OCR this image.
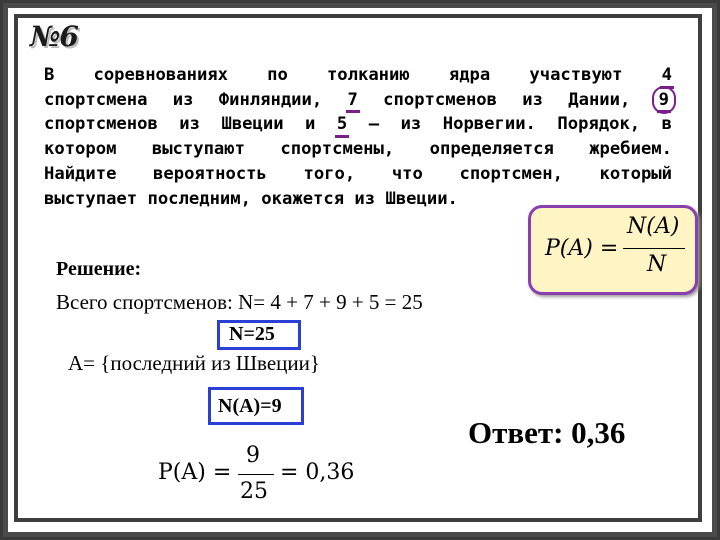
№6
В соревнованиях по толканию ядра участвуют 4
спортсмена из Финляндии, 7 спортсменов из Дании, 9
спортсменов из Швеции и 5 – из Норвегии. Порядок, в
котором выступают спортсмены, определяется жребием.
Найдите вероятность того, что спортсмен, который
выступает последним, окажется из Швеции.
P(A) =
N(A)
N
Решение:
Всего спортсменов: N= 4 + 7 + 9 + 5 = 25
N=25
A= {последний из Швеции}
N(A)=9
Ответ: 0,36
P(A) =
9
25
= 0,36
